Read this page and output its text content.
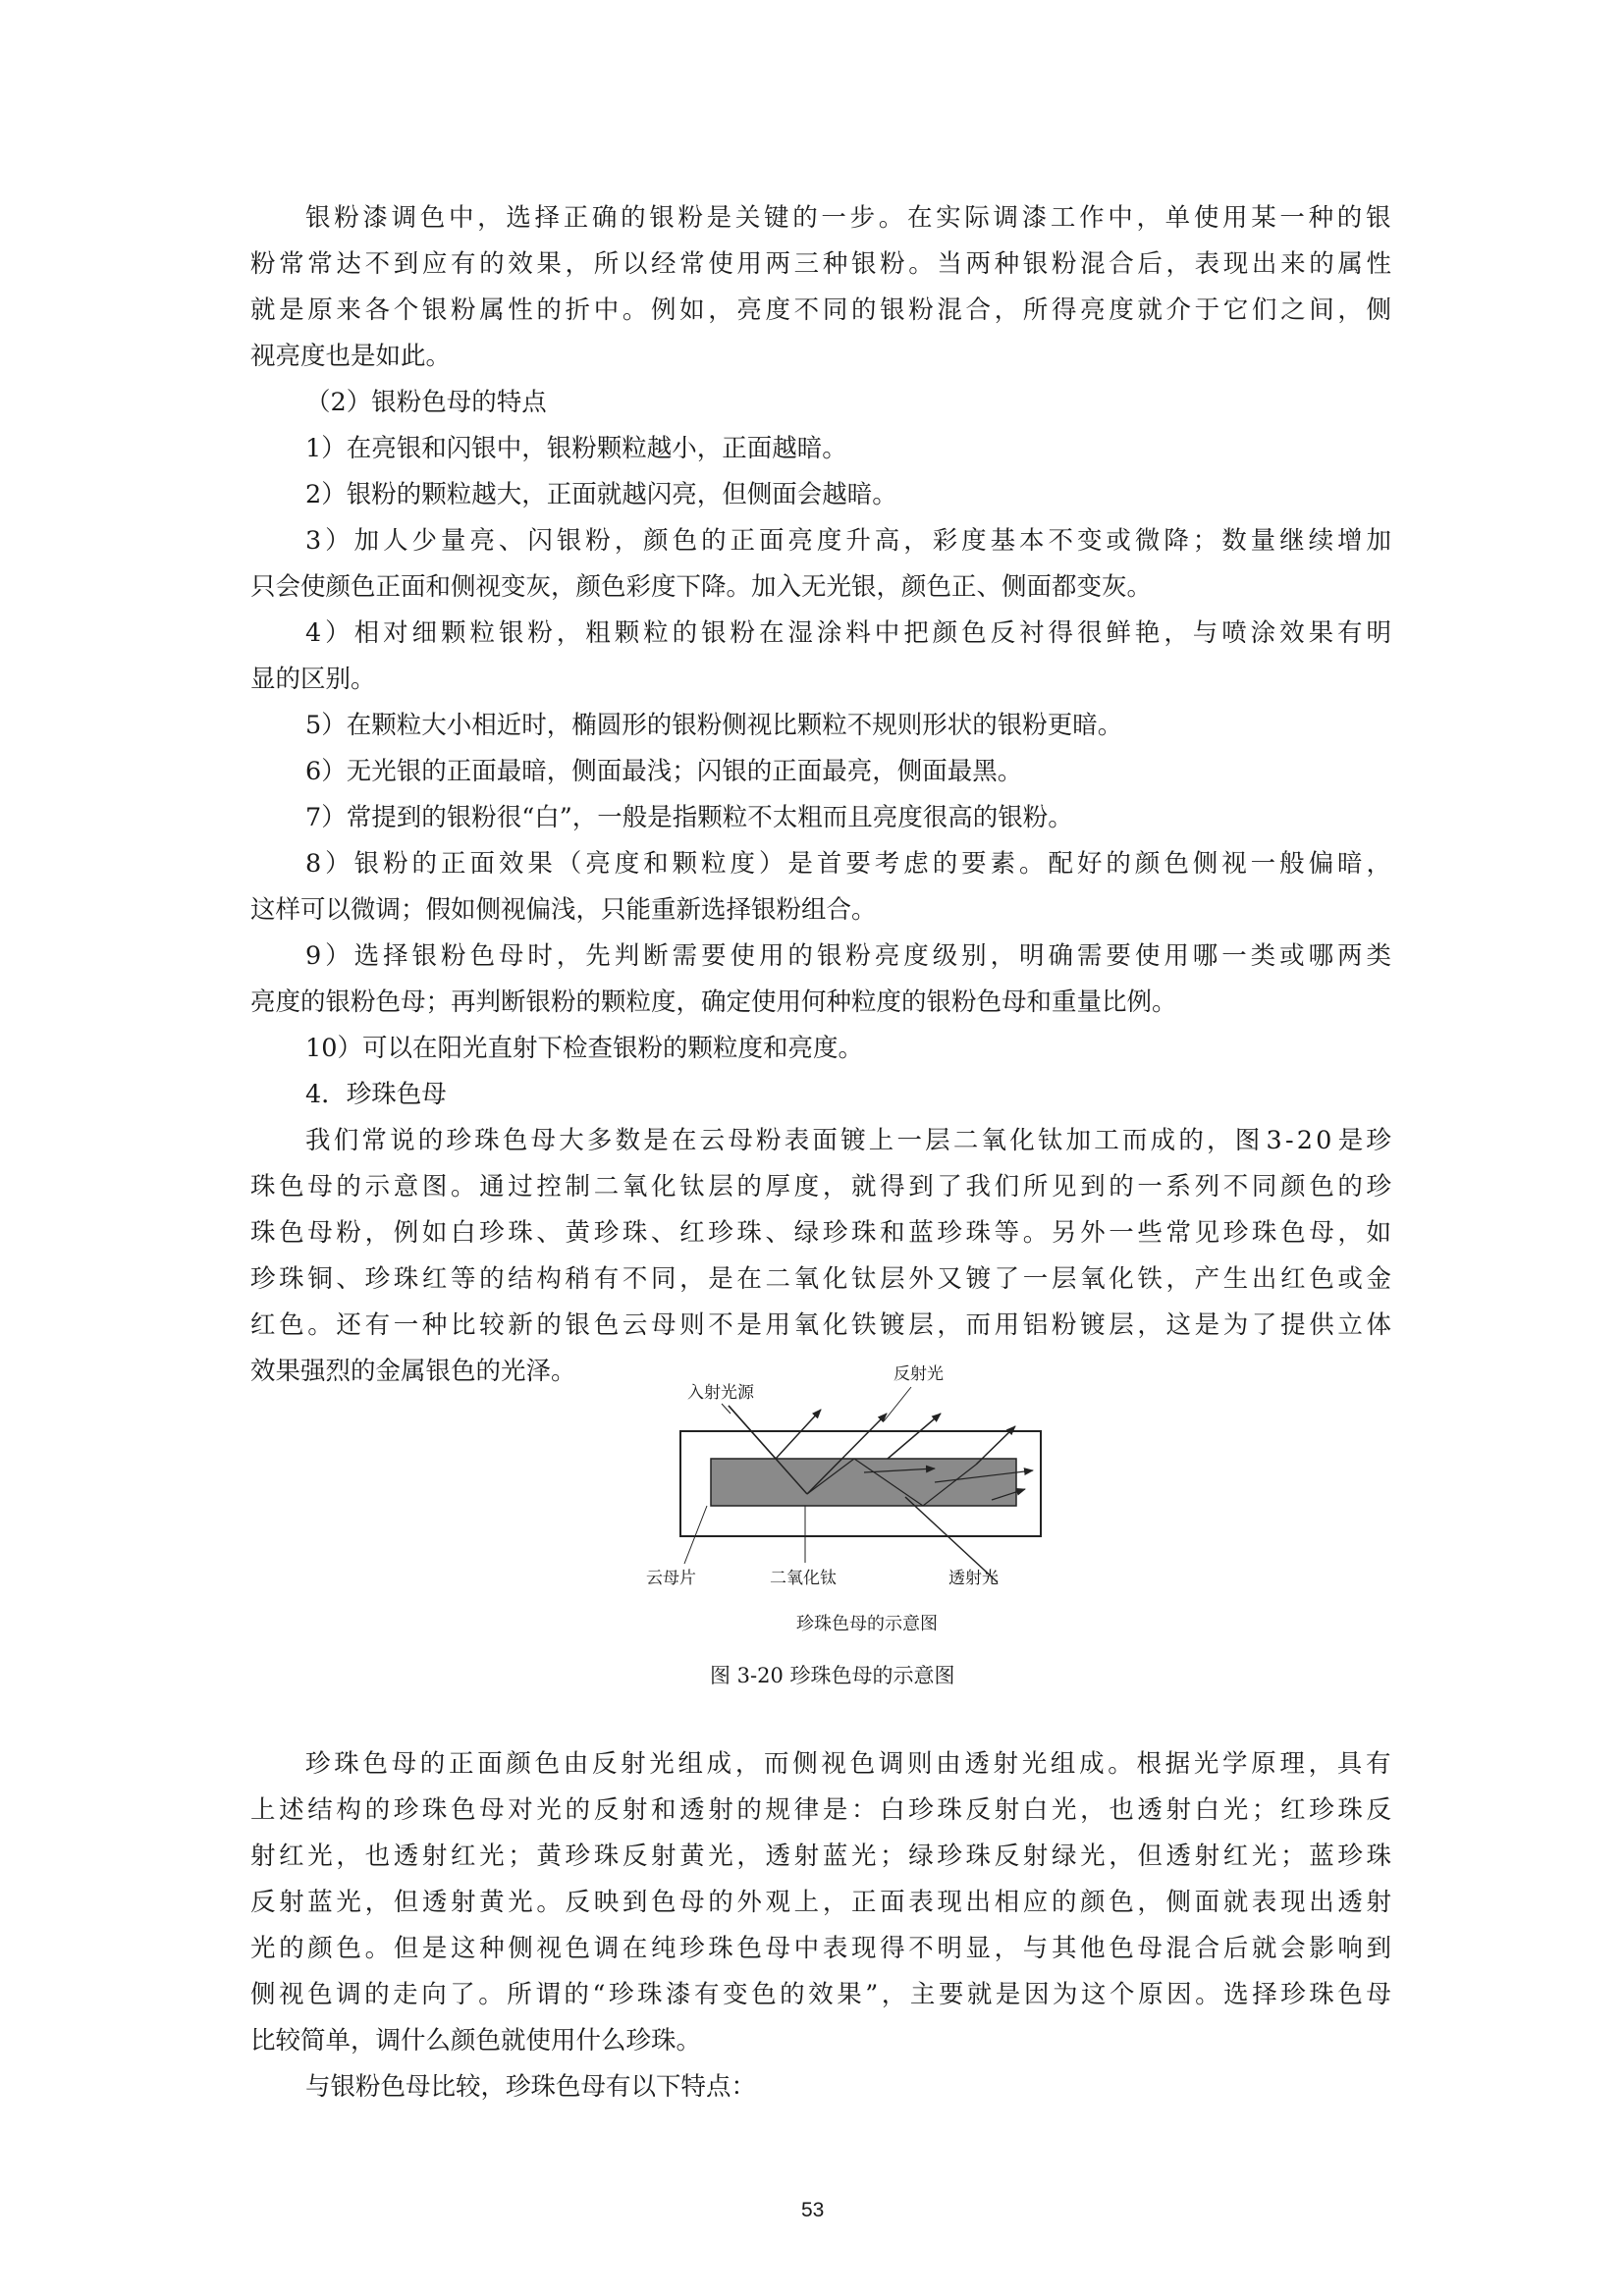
银 粉 漆 调 色 中 ， 选 择 正 确 的 银 粉 是 关 键 的 一 步 。 在 实 际 调 漆 工 作 中 ， 单 使 用 某 一 种 的 银
粉 常 常 达 不 到 应 有 的 效 果 ， 所 以 经 常 使 用 两 三 种 银 粉 。 当 两 种 银 粉 混 合 后 ， 表 现 出 来 的 属 性
就 是 原 来 各 个 银 粉 属 性 的 折 中 。 例 如 ， 亮 度 不 同 的 银 粉 混 合 ， 所 得 亮 度 就 介 于 它 们 之 间 ， 侧
视亮度也是如此。
（2）银粉色母的特点
1）在亮银和闪银中，银粉颗粒越小，正面越暗。
2）银粉的颗粒越大，正面就越闪亮，但侧面会越暗。
3 ） 加 人 少 量 亮 、 闪 银 粉 ， 颜 色 的 正 面 亮 度 升 高 ， 彩 度 基 本 不 变 或 微 降 ； 数 量 继 续 增 加
只会使颜色正面和侧视变灰，颜色彩度下降。加入无光银，颜色正、侧面都变灰。
4 ） 相 对 细 颗 粒 银 粉 ， 粗 颗 粒 的 银 粉 在 湿 涂 料 中 把 颜 色 反 衬 得 很 鲜 艳 ， 与 喷 涂 效 果 有 明
显的区别。
5）在颗粒大小相近时，椭圆形的银粉侧视比颗粒不规则形状的银粉更暗。
6）无光银的正面最暗，侧面最浅；闪银的正面最亮，侧面最黑。
7）常提到的银粉很“白”，一般是指颗粒不太粗而且亮度很高的银粉。
8 ） 银 粉 的 正 面 效 果 （ 亮 度 和 颗 粒 度 ） 是 首 要 考 虑 的 要 素 。 配 好 的 颜 色 侧 视 一 般 偏 暗 ，
这样可以微调；假如侧视偏浅，只能重新选择银粉组合。
9 ） 选 择 银 粉 色 母 时 ， 先 判 断 需 要 使 用 的 银 粉 亮 度 级 别 ， 明 确 需 要 使 用 哪 一 类 或 哪 两 类
亮度的银粉色母；再判断银粉的颗粒度，确定使用何种粒度的银粉色母和重量比例。
10）可以在阳光直射下检查银粉的颗粒度和亮度。
4．珍珠色母
我 们 常 说 的 珍 珠 色 母 大 多 数 是 在 云 母 粉 表 面 镀 上 一 层 二 氧 化 钛 加 工 而 成 的 ， 图 3 - 2 0 是 珍
珠 色 母 的 示 意 图 。 通 过 控 制 二 氧 化 钛 层 的 厚 度 ， 就 得 到 了 我 们 所 见 到 的 一 系 列 不 同 颜 色 的 珍
珠 色 母 粉 ， 例 如 白 珍 珠 、 黄 珍 珠 、 红 珍 珠 、 绿 珍 珠 和 蓝 珍 珠 等 。 另 外 一 些 常 见 珍 珠 色 母 ， 如
珍 珠 铜 、 珍 珠 红 等 的 结 构 稍 有 不 同 ， 是 在 二 氧 化 钛 层 外 又 镀 了 一 层 氧 化 铁 ， 产 生 出 红 色 或 金
红 色 。 还 有 一 种 比 较 新 的 银 色 云 母 则 不 是 用 氧 化 铁 镀 层 ， 而 用 铝 粉 镀 层 ， 这 是 为 了 提 供 立 体
效果强烈的金属银色的光泽。
入射光源
反射光
云母片	二氧化钛	透射光
珍珠色母的示意图
图 3-20 珍珠色母的示意图
珍 珠 色 母 的 正 面 颜 色 由 反 射 光 组 成 ， 而 侧 视 色 调 则 由 透 射 光 组 成 。 根 据 光 学 原 理 ， 具 有
上 述 结 构 的 珍 珠 色 母 对 光 的 反 射 和 透 射 的 规 律 是 ： 白 珍 珠 反 射 白 光 ， 也 透 射 白 光 ； 红 珍 珠 反
射 红 光 ， 也 透 射 红 光 ； 黄 珍 珠 反 射 黄 光 ， 透 射 蓝 光 ； 绿 珍 珠 反 射 绿 光 ， 但 透 射 红 光 ； 蓝 珍 珠
反 射 蓝 光 ， 但 透 射 黄 光 。 反 映 到 色 母 的 外 观 上 ， 正 面 表 现 出 相 应 的 颜 色 ， 侧 面 就 表 现 出 透 射
光 的 颜 色 。 但 是 这 种 侧 视 色 调 在 纯 珍 珠 色 母 中 表 现 得 不 明 显 ， 与 其 他 色 母 混 合 后 就 会 影 响 到
侧 视 色 调 的 走 向 了 。 所 谓 的 “ 珍 珠 漆 有 变 色 的 效 果 ” ， 主 要 就 是 因 为 这 个 原 因 。 选 择 珍 珠 色 母
比较简单，调什么颜色就使用什么珍珠。
与银粉色母比较，珍珠色母有以下特点：
53
